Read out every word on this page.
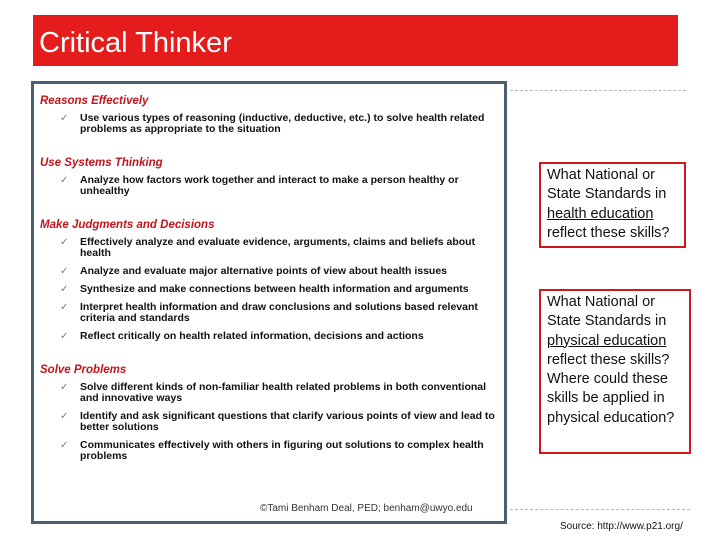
Critical Thinker
Reasons Effectively
✓ Use various types of reasoning (inductive, deductive, etc.) to solve health related problems as appropriate to the situation
Use Systems Thinking
✓ Analyze how factors work together and interact to make a person healthy or unhealthy
Make Judgments and Decisions
✓ Effectively analyze and evaluate evidence, arguments, claims and beliefs about health
✓ Analyze and evaluate major alternative points of view about health issues
✓ Synthesize and make connections between health information and arguments
✓ Interpret health information and draw conclusions and solutions based relevant criteria and standards
✓ Reflect critically on health related information, decisions and actions
Solve Problems
✓ Solve different kinds of non-familiar health related problems in both conventional and innovative ways
✓ Identify and ask significant questions that clarify various points of view and lead to better solutions
✓ Communicates effectively with others in figuring out solutions to complex health problems
©Tami Benham Deal, PED; benham@uwyo.edu
What National or State Standards in health education reflect these skills?
What National or State Standards in physical education reflect these skills? Where could these skills be applied in physical education?
Source: http://www.p21.org/
